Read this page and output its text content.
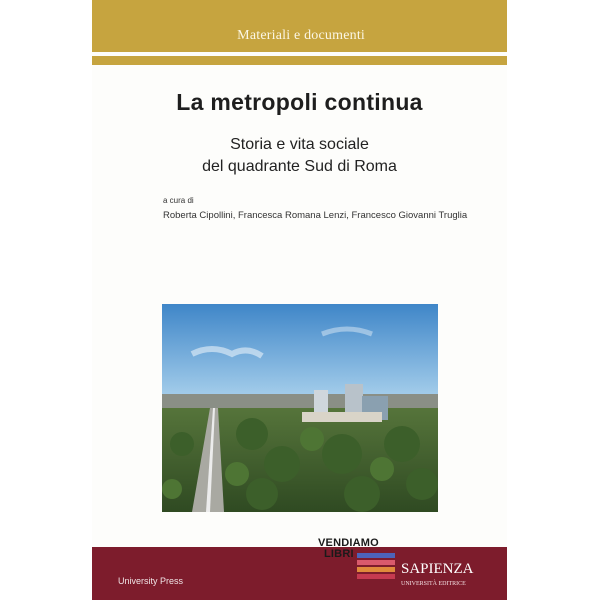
Materiali e documenti
La metropoli continua
Storia e vita sociale
del quadrante Sud di Roma
a cura di
Roberta Cipollini, Francesca Romana Lenzi, Francesco Giovanni Truglia
University Press
SAPIENZA
UNIVERSITÀ EDITRICE
VENDIAMO
LIBRI
